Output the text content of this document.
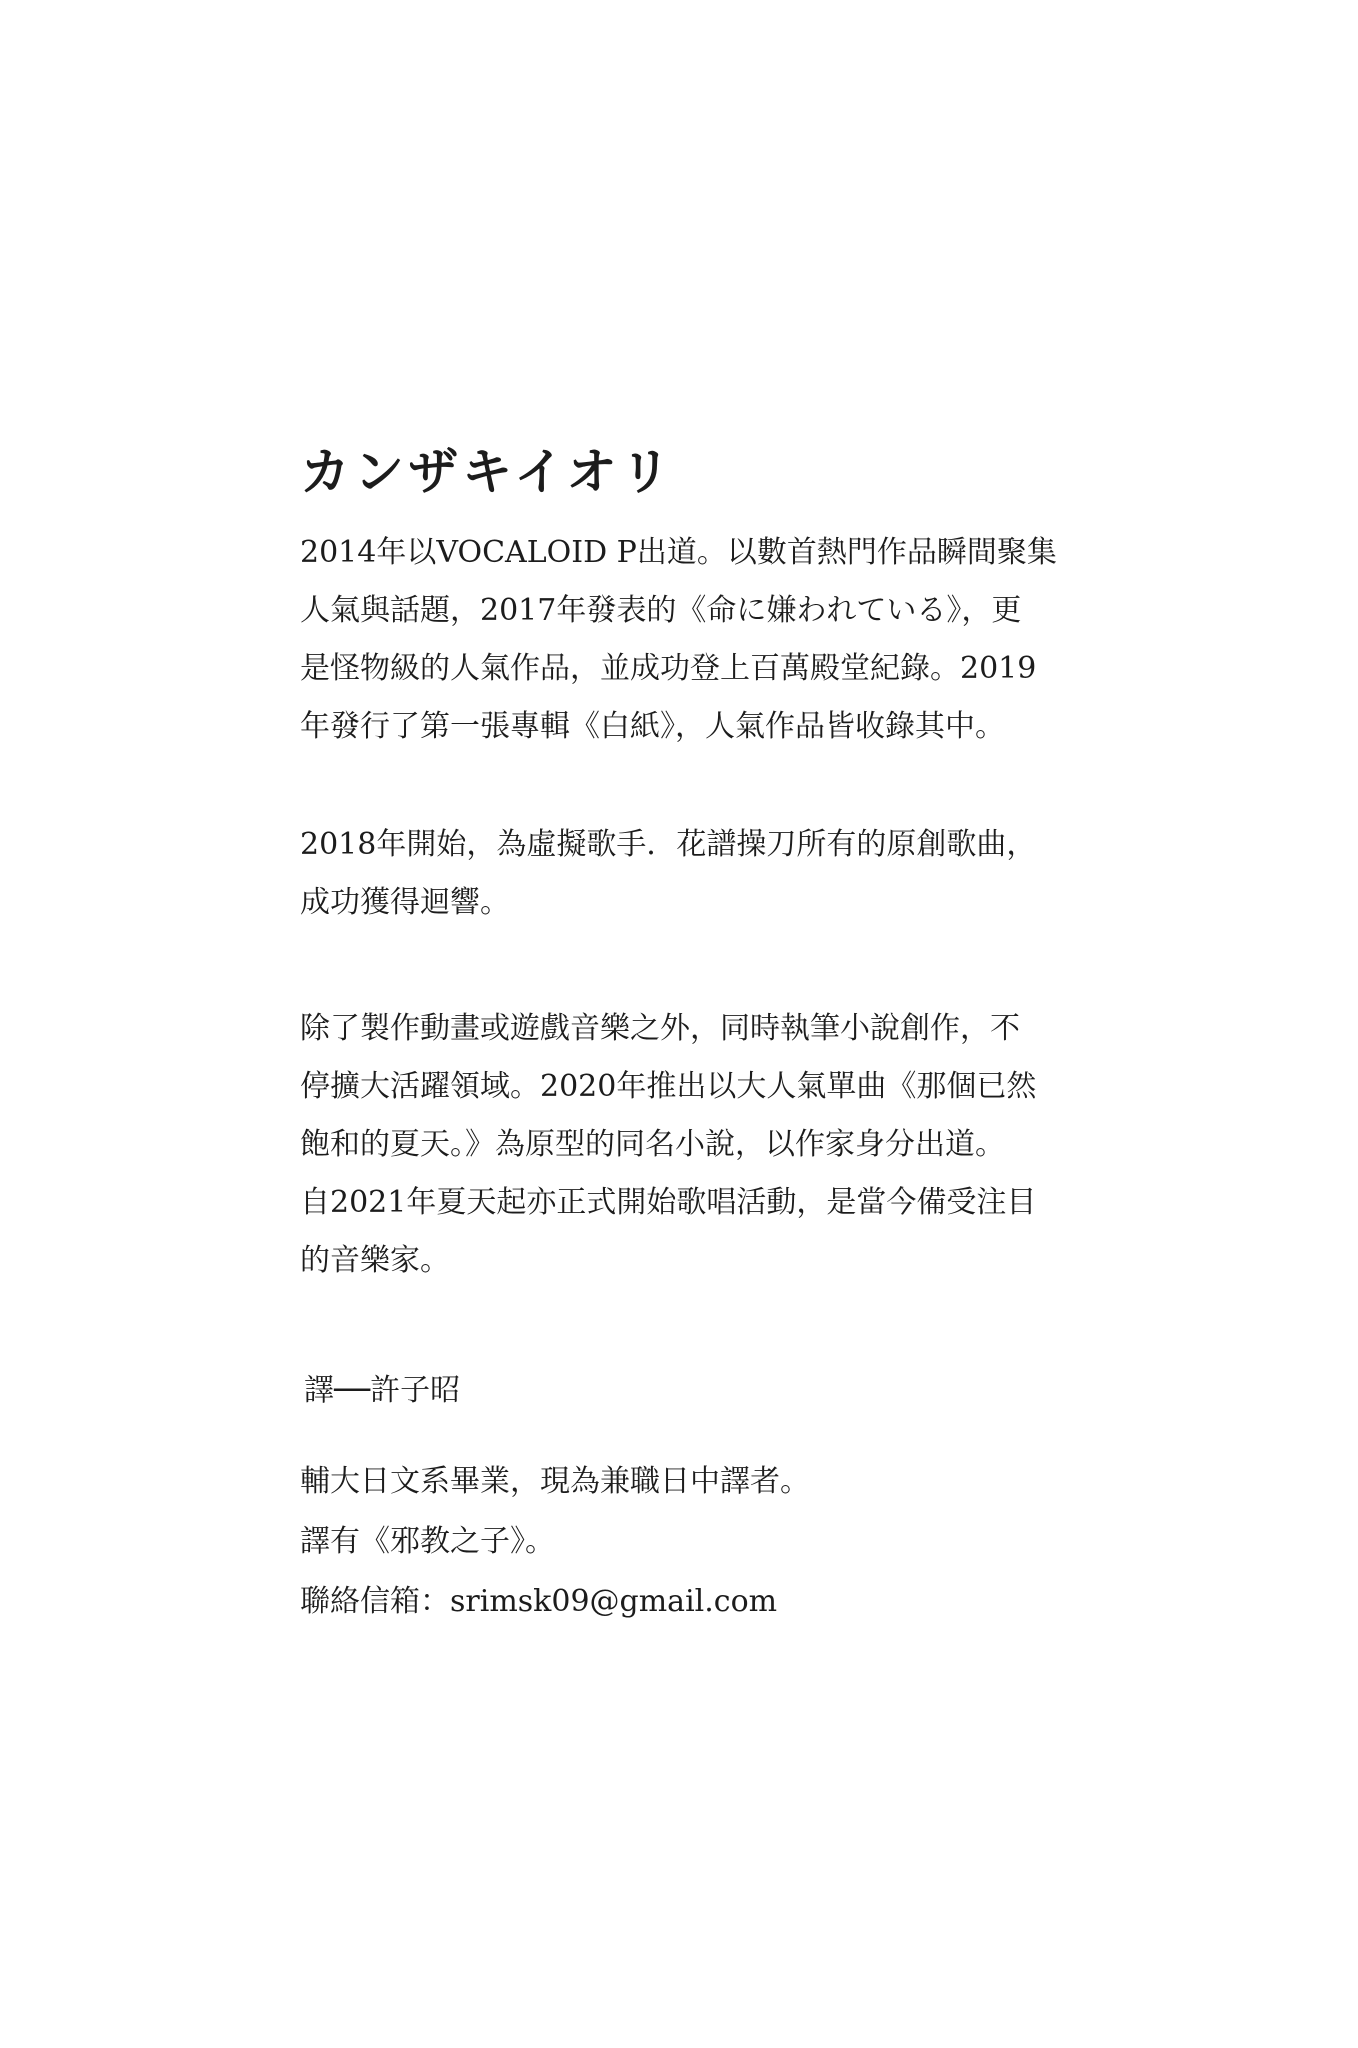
カンザキイオリ

2014年以VOCALOID P出道。以數首熱門作品瞬間聚集
人氣與話題，2017年發表的《命に嫌われている》，更
是怪物級的人氣作品，並成功登上百萬殿堂紀錄。2019
年發行了第一張專輯《白紙》，人氣作品皆收錄其中。

2018年開始，為虛擬歌手．花譜操刀所有的原創歌曲，
成功獲得迴響。

除了製作動畫或遊戲音樂之外，同時執筆小說創作，不
停擴大活躍領域。2020年推出以大人氣單曲《那個已然
飽和的夏天。》為原型的同名小說，以作家身分出道。
自2021年夏天起亦正式開始歌唱活動，是當今備受注目
的音樂家。

譯──許子昭
輔大日文系畢業，現為兼職日中譯者。
譯有《邪教之子》。
聯絡信箱：srimsk09@gmail.com
